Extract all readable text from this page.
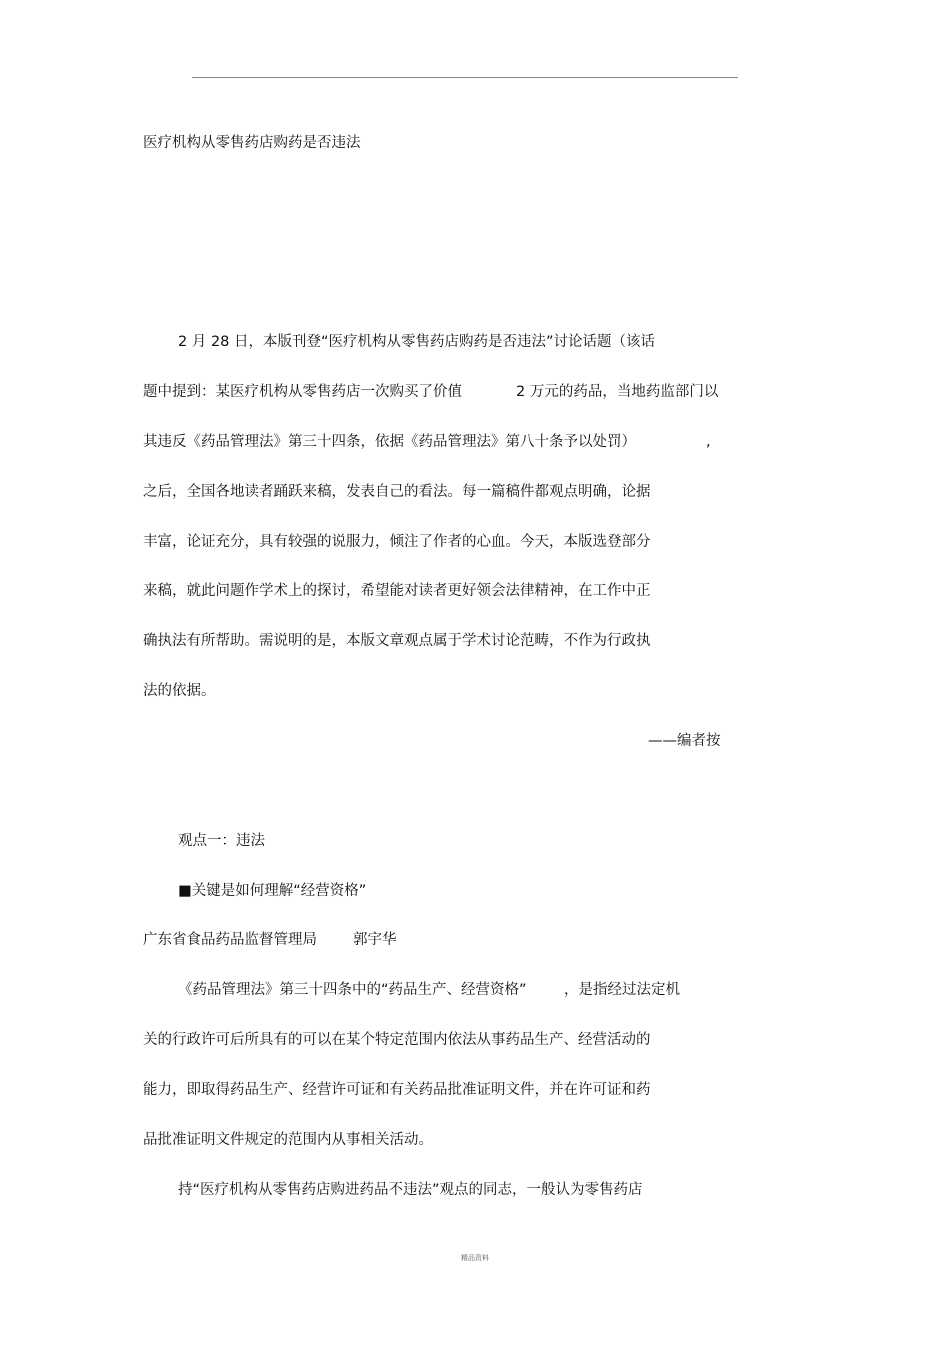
医疗机构从零售药店购药是否违法
2 月 28 日，本版刊登“医疗机构从零售药店购药是否违法”讨论话题（该话
题中提到：某医疗机构从零售药店一次购买了价值	2 万元的药品，当地药监部门以
其违反《药品管理法》第三十四条，依据《药品管理法》第八十条予以处罚）	,
之后，全国各地读者踊跃来稿，发表自己的看法。每一篇稿件都观点明确，论据
丰富，论证充分，具有较强的说服力，倾注了作者的心血。今天，本版选登部分
来稿，就此问题作学术上的探讨，希望能对读者更好领会法律精神，在工作中正
确执法有所帮助。需说明的是，本版文章观点属于学术讨论范畴，不作为行政执
法的依据。
——编者按
观点一：违法
■关键是如何理解“经营资格”
广东省食品药品监督管理局 郭宇华
《药品管理法》第三十四条中的“药品生产、经营资格”	，是指经过法定机
关的行政许可后所具有的可以在某个特定范围内依法从事药品生产、经营活动的
能力，即取得药品生产、经营许可证和有关药品批准证明文件，并在许可证和药
品批准证明文件规定的范围内从事相关活动。
持“医疗机构从零售药店购进药品不违法”观点的同志，一般认为零售药店
精品资料
